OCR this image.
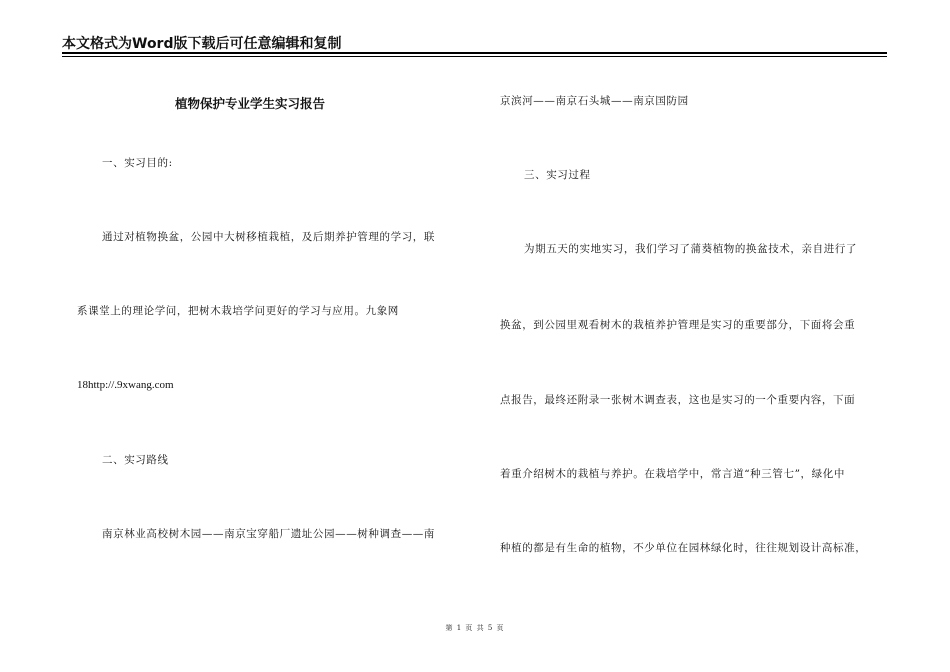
本文格式为Word版下载后可任意编辑和复制
植物保护专业学生实习报告
一、实习目的:
通过对植物换盆，公园中大树移植栽植，及后期养护管理的学习，联
系课堂上的理论学问，把树木栽培学问更好的学习与应用。九象网
18http://.9xwang.com
二、实习路线
南京林业高校树木园——南京宝穿船厂遗址公园——树种调查——南
京滨河——南京石头城——南京国防园
三、实习过程
为期五天的实地实习，我们学习了蒲葵植物的换盆技术，亲自进行了
换盆，到公园里观看树木的栽植养护管理是实习的重要部分，下面将会重
点报告，最终还附录一张树木调查表，这也是实习的一个重要内容，下面
着重介绍树木的栽植与养护。在栽培学中，常言道“种三管七”，绿化中
种植的都是有生命的植物，不少单位在园林绿化时，往往规划设计高标准，
第 1 页 共 5 页
